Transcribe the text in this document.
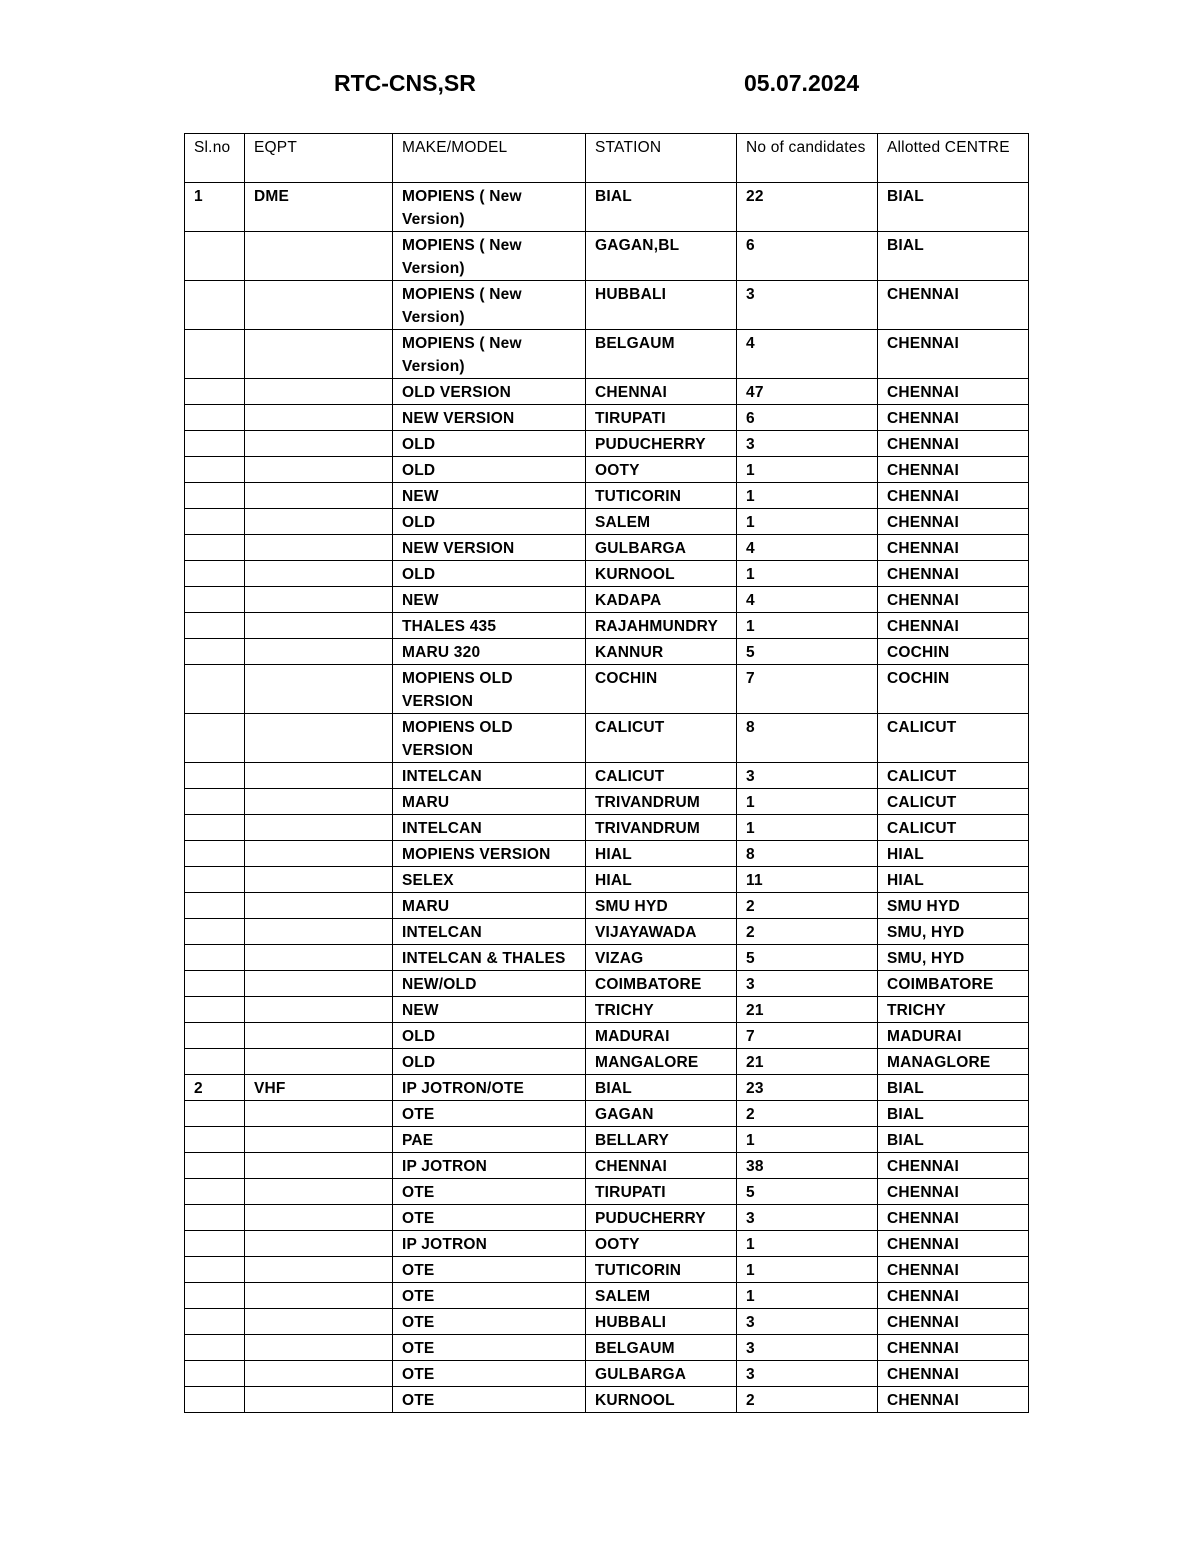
RTC-CNS,SR	05.07.2024
Sl.no	EQPT	MAKE/MODEL	STATION	No of candidates	Allotted CENTRE
1	DME	MOPIENS ( New Version)	BIAL	22	BIAL
		MOPIENS ( New Version)	GAGAN,BL	6	BIAL
		MOPIENS ( New Version)	HUBBALI	3	CHENNAI
		MOPIENS ( New Version)	BELGAUM	4	CHENNAI
		OLD VERSION	CHENNAI	47	CHENNAI
		NEW VERSION	TIRUPATI	6	CHENNAI
		OLD	PUDUCHERRY	3	CHENNAI
		OLD	OOTY	1	CHENNAI
		NEW	TUTICORIN	1	CHENNAI
		OLD	SALEM	1	CHENNAI
		NEW VERSION	GULBARGA	4	CHENNAI
		OLD	KURNOOL	1	CHENNAI
		NEW	KADAPA	4	CHENNAI
		THALES 435	RAJAHMUNDRY	1	CHENNAI
		MARU 320	KANNUR	5	COCHIN
		MOPIENS OLD VERSION	COCHIN	7	COCHIN
		MOPIENS OLD VERSION	CALICUT	8	CALICUT
		INTELCAN	CALICUT	3	CALICUT
		MARU	TRIVANDRUM	1	CALICUT
		INTELCAN	TRIVANDRUM	1	CALICUT
		MOPIENS VERSION	HIAL	8	HIAL
		SELEX	HIAL	11	HIAL
		MARU	SMU HYD	2	SMU HYD
		INTELCAN	VIJAYAWADA	2	SMU, HYD
		INTELCAN & THALES	VIZAG	5	SMU, HYD
		NEW/OLD	COIMBATORE	3	COIMBATORE
		NEW	TRICHY	21	TRICHY
		OLD	MADURAI	7	MADURAI
		OLD	MANGALORE	21	MANAGLORE
2	VHF	IP JOTRON/OTE	BIAL	23	BIAL
		OTE	GAGAN	2	BIAL
		PAE	BELLARY	1	BIAL
		IP JOTRON	CHENNAI	38	CHENNAI
		OTE	TIRUPATI	5	CHENNAI
		OTE	PUDUCHERRY	3	CHENNAI
		IP JOTRON	OOTY	1	CHENNAI
		OTE	TUTICORIN	1	CHENNAI
		OTE	SALEM	1	CHENNAI
		OTE	HUBBALI	3	CHENNAI
		OTE	BELGAUM	3	CHENNAI
		OTE	GULBARGA	3	CHENNAI
		OTE	KURNOOL	2	CHENNAI
